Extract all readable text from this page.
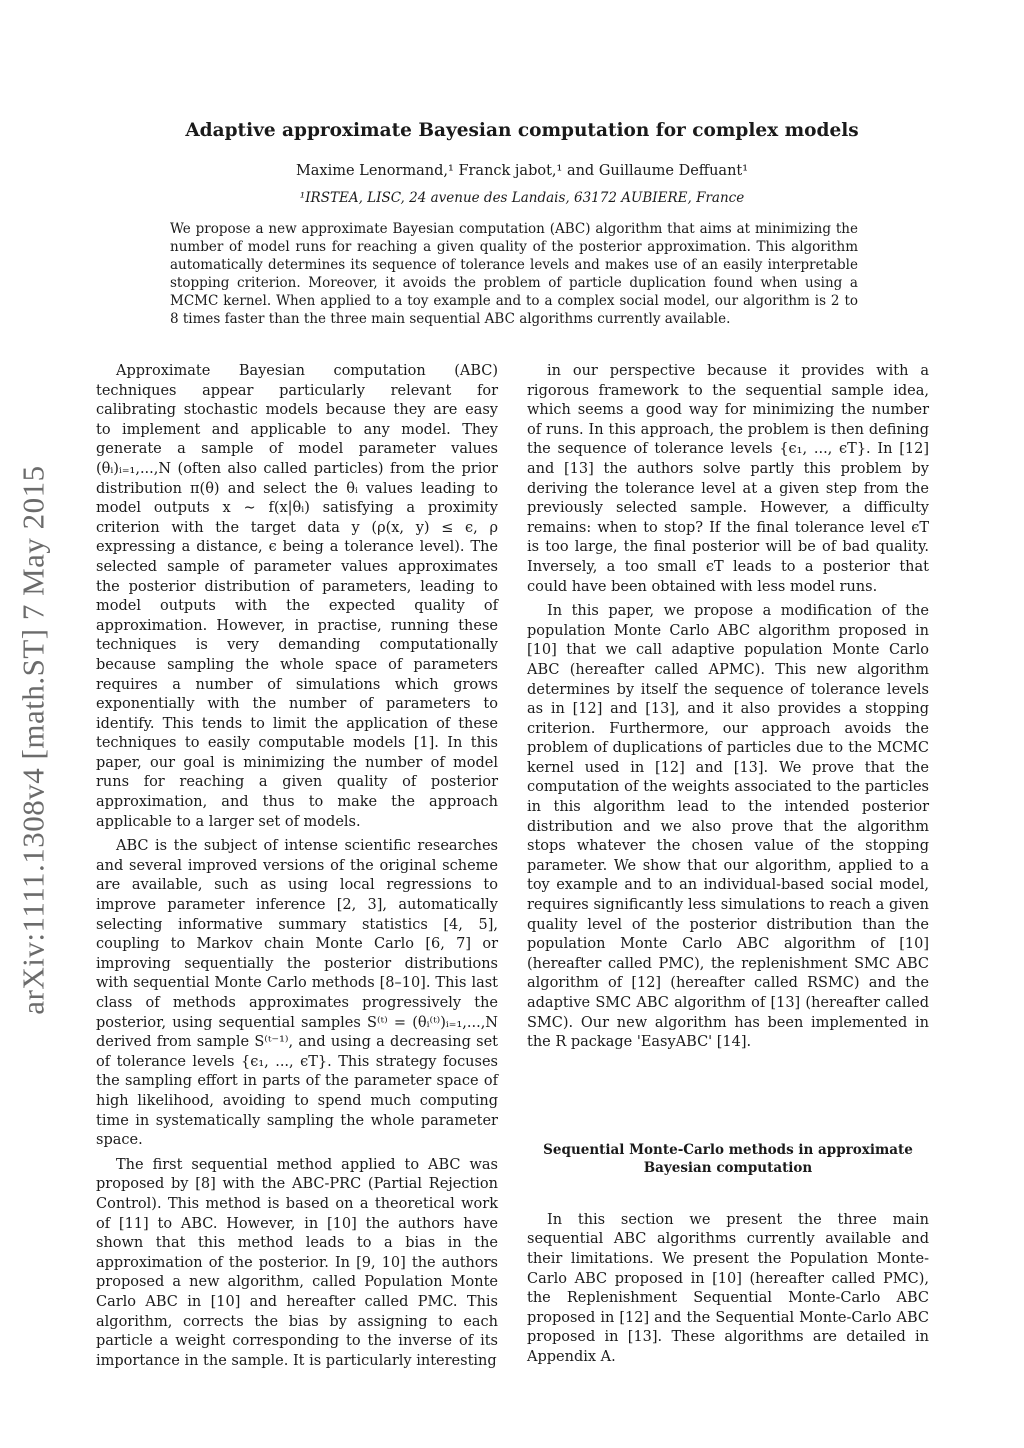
arXiv:1111.1308v4 [math.ST] 7 May 2015
Adaptive approximate Bayesian computation for complex models
Maxime Lenormand,¹ Franck jabot,¹ and Guillaume Deffuant¹
¹IRSTEA, LISC, 24 avenue des Landais, 63172 AUBIERE, France
We propose a new approximate Bayesian computation (ABC) algorithm that aims at minimizing the number of model runs for reaching a given quality of the posterior approximation. This algorithm automatically determines its sequence of tolerance levels and makes use of an easily interpretable stopping criterion. Moreover, it avoids the problem of particle duplication found when using a MCMC kernel. When applied to a toy example and to a complex social model, our algorithm is 2 to 8 times faster than the three main sequential ABC algorithms currently available.

Approximate Bayesian computation (ABC) techniques appear particularly relevant for calibrating stochastic models because they are easy to implement and applicable to any model. They generate a sample of model parameter values (θᵢ)ᵢ₌₁,...,N (often also called particles) from the prior distribution π(θ) and select the θᵢ values leading to model outputs x ∼ f(x|θᵢ) satisfying a proximity criterion with the target data y (ρ(x, y) ≤ ϵ, ρ expressing a distance, ϵ being a tolerance level). The selected sample of parameter values approximates the posterior distribution of parameters, leading to model outputs with the expected quality of approximation. However, in practise, running these techniques is very demanding computationally because sampling the whole space of parameters requires a number of simulations which grows exponentially with the number of parameters to identify. This tends to limit the application of these techniques to easily computable models [1]. In this paper, our goal is minimizing the number of model runs for reaching a given quality of posterior approximation, and thus to make the approach applicable to a larger set of models.

ABC is the subject of intense scientific researches and several improved versions of the original scheme are available, such as using local regressions to improve parameter inference [2, 3], automatically selecting informative summary statistics [4, 5], coupling to Markov chain Monte Carlo [6, 7] or improving sequentially the posterior distributions with sequential Monte Carlo methods [8–10]. This last class of methods approximates progressively the posterior, using sequential samples S⁽ᵗ⁾ = (θᵢ⁽ᵗ⁾)ᵢ₌₁,...,N derived from sample S⁽ᵗ⁻¹⁾, and using a decreasing set of tolerance levels {ϵ₁, ..., ϵT}. This strategy focuses the sampling effort in parts of the parameter space of high likelihood, avoiding to spend much computing time in systematically sampling the whole parameter space.

The first sequential method applied to ABC was proposed by [8] with the ABC-PRC (Partial Rejection Control). This method is based on a theoretical work of [11] to ABC. However, in [10] the authors have shown that this method leads to a bias in the approximation of the posterior. In [9, 10] the authors proposed a new algorithm, called Population Monte Carlo ABC in [10] and hereafter called PMC. This algorithm, corrects the bias by assigning to each particle a weight corresponding to the inverse of its importance in the sample. It is particularly interesting

in our perspective because it provides with a rigorous framework to the sequential sample idea, which seems a good way for minimizing the number of runs. In this approach, the problem is then defining the sequence of tolerance levels {ϵ₁, ..., ϵT}. In [12] and [13] the authors solve partly this problem by deriving the tolerance level at a given step from the previously selected sample. However, a difficulty remains: when to stop? If the final tolerance level ϵT is too large, the final posterior will be of bad quality. Inversely, a too small ϵT leads to a posterior that could have been obtained with less model runs.

In this paper, we propose a modification of the population Monte Carlo ABC algorithm proposed in [10] that we call adaptive population Monte Carlo ABC (hereafter called APMC). This new algorithm determines by itself the sequence of tolerance levels as in [12] and [13], and it also provides a stopping criterion. Furthermore, our approach avoids the problem of duplications of particles due to the MCMC kernel used in [12] and [13]. We prove that the computation of the weights associated to the particles in this algorithm lead to the intended posterior distribution and we also prove that the algorithm stops whatever the chosen value of the stopping parameter. We show that our algorithm, applied to a toy example and to an individual-based social model, requires significantly less simulations to reach a given quality level of the posterior distribution than the population Monte Carlo ABC algorithm of [10] (hereafter called PMC), the replenishment SMC ABC algorithm of [12] (hereafter called RSMC) and the adaptive SMC ABC algorithm of [13] (hereafter called SMC). Our new algorithm has been implemented in the R package 'EasyABC' [14].

Sequential Monte-Carlo methods in approximate Bayesian computation

In this section we present the three main sequential ABC algorithms currently available and their limitations. We present the Population Monte-Carlo ABC proposed in [10] (hereafter called PMC), the Replenishment Sequential Monte-Carlo ABC proposed in [12] and the Sequential Monte-Carlo ABC proposed in [13]. These algorithms are detailed in Appendix A.
